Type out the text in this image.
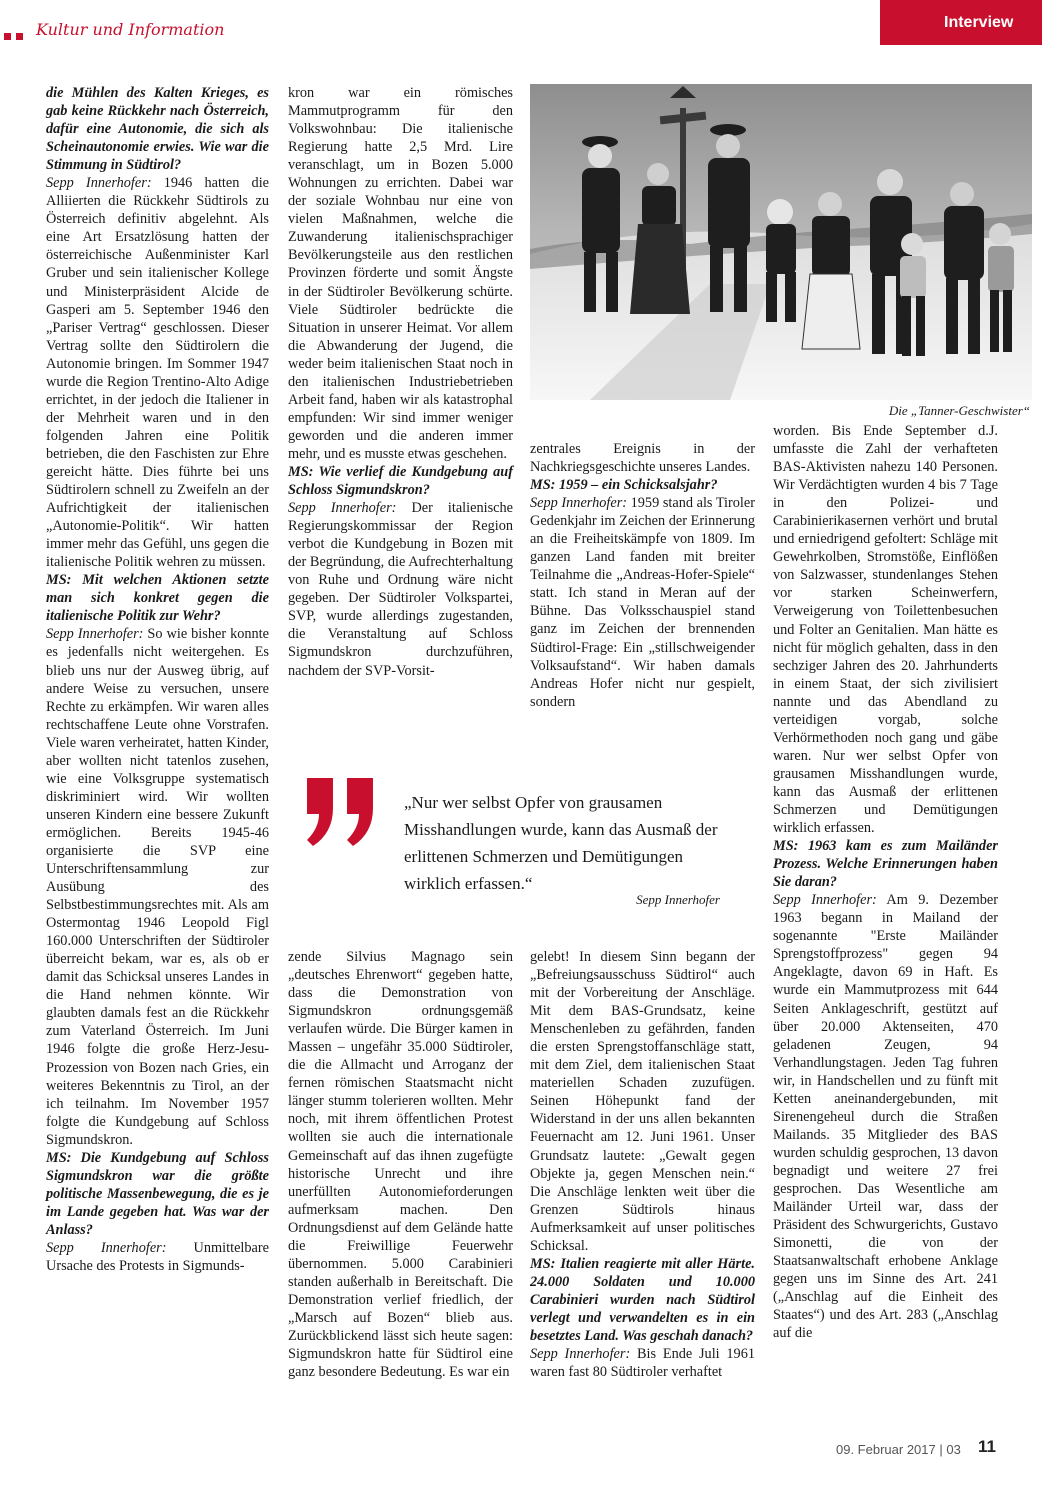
Kultur und Information	Interview

die Mühlen des Kalten Krieges, es gab keine Rückkehr nach Österreich, dafür eine Autonomie, die sich als Scheinautonomie erwies. Wie war die Stimmung in Südtirol?

Sepp Innerhofer: 1946 hatten die Alliierten die Rückkehr Südtirols zu Österreich definitiv abgelehnt. Als eine Art Ersatzlösung hatten der österreichische Außenminister Karl Gruber und sein italienischer Kollege und Ministerpräsident Alcide de Gasperi am 5. September 1946 den „Pariser Vertrag“ geschlossen. Dieser Vertrag sollte den Südtirolern die Autonomie bringen. Im Sommer 1947 wurde die Region Trentino-Alto Adige errichtet, in der jedoch die Italiener in der Mehrheit waren und in den folgenden Jahren eine Politik betrieben, die den Faschisten zur Ehre gereicht hätte. Dies führte bei uns Südtirolern schnell zu Zweifeln an der Aufrichtigkeit der italienischen „Autonomie-Politik“. Wir hatten immer mehr das Gefühl, uns gegen die italienische Politik wehren zu müssen.

MS: Mit welchen Aktionen setzte man sich konkret gegen die italienische Politik zur Wehr?

Sepp Innerhofer: So wie bisher konnte es jedenfalls nicht weitergehen. Es blieb uns nur der Ausweg übrig, auf andere Weise zu versuchen, unsere Rechte zu erkämpfen. Wir waren alles rechtschaffene Leute ohne Vorstrafen. Viele waren verheiratet, hatten Kinder, aber wollten nicht tatenlos zusehen, wie eine Volksgruppe systematisch diskriminiert wird. Wir wollten unseren Kindern eine bessere Zukunft ermöglichen. Bereits 1945-46 organisierte die SVP eine Unterschriftensammlung zur Ausübung des Selbstbestimmungsrechtes mit. Als am Ostermontag 1946 Leopold Figl 160.000 Unterschriften der Südtiroler überreicht bekam, war es, als ob er damit das Schicksal unseres Landes in die Hand nehmen könnte. Wir glaubten damals fest an die Rückkehr zum Vaterland Österreich. Im Juni 1946 folgte die große Herz-Jesu-Prozession von Bozen nach Gries, ein weiteres Bekenntnis zu Tirol, an der ich teilnahm. Im November 1957 folgte die Kundgebung auf Schloss Sigmundskron.

MS: Die Kundgebung auf Schloss Sigmundskron war die größte politische Massenbewegung, die es je im Lande gegeben hat. Was war der Anlass?

Sepp Innerhofer: Unmittelbare Ursache des Protests in Sigmunds-

kron war ein römisches Mammutprogramm für den Volkswohnbau: Die italienische Regierung hatte 2,5 Mrd. Lire veranschlagt, um in Bozen 5.000 Wohnungen zu errichten. Dabei war der soziale Wohnbau nur eine von vielen Maßnahmen, welche die Zuwanderung italienischsprachiger Bevölkerungsteile aus den restlichen Provinzen förderte und somit Ängste in der Südtiroler Bevölkerung schürte. Viele Südtiroler bedrückte die Situation in unserer Heimat. Vor allem die Abwanderung der Jugend, die weder beim italienischen Staat noch in den italienischen Industriebetrieben Arbeit fand, haben wir als katastrophal empfunden: Wir sind immer weniger geworden und die anderen immer mehr, und es musste etwas geschehen.

MS: Wie verlief die Kundgebung auf Schloss Sigmundskron?

Sepp Innerhofer: Der italienische Regierungskommissar der Region verbot die Kundgebung in Bozen mit der Begründung, die Aufrechterhaltung von Ruhe und Ordnung wäre nicht gegeben. Der Südtiroler Volkspartei, SVP, wurde allerdings zugestanden, die Veranstaltung auf Schloss Sigmundskron durchzuführen, nachdem der SVP-Vorsit-

zentrales Ereignis in der Nachkriegsgeschichte unseres Landes.

MS: 1959 – ein Schicksalsjahr?

Sepp Innerhofer: 1959 stand als Tiroler Gedenkjahr im Zeichen der Erinnerung an die Freiheitskämpfe von 1809. Im ganzen Land fanden mit breiter Teilnahme die „Andreas-Hofer-Spiele“ statt. Ich stand in Meran auf der Bühne. Das Volksschauspiel stand ganz im Zeichen der brennenden Südtirol-Frage: Ein „stillschweigender Volksaufstand“. Wir haben damals Andreas Hofer nicht nur gespielt, sondern

worden. Bis Ende September d.J. umfasste die Zahl der verhafteten BAS-Aktivisten nahezu 140 Personen. Wir Verdächtigten wurden 4 bis 7 Tage in den Polizei- und Carabinierikasernen verhört und brutal und erniedrigend gefoltert: Schläge mit Gewehrkolben, Stromstöße, Einflößen von Salzwasser, stundenlanges Stehen vor starken Scheinwerfern, Verweigerung von Toilettenbesuchen und Folter an Genitalien. Man hätte es nicht für möglich gehalten, dass in den sechziger Jahren des 20. Jahrhunderts in einem Staat, der sich zivilisiert nannte und das Abendland zu verteidigen vorgab, solche Verhörmethoden noch gang und gäbe waren. Nur wer selbst Opfer von grausamen Misshandlungen wurde, kann das Ausmaß der erlittenen Schmerzen und Demütigungen wirklich erfassen.

MS: 1963 kam es zum Mailänder Prozess. Welche Erinnerungen haben Sie daran?

Sepp Innerhofer: Am 9. Dezember 1963 begann in Mailand der sogenannte "Erste Mailänder Sprengstoffprozess" gegen 94 Angeklagte, davon 69 in Haft. Es wurde ein Mammutprozess mit 644 Seiten Anklageschrift, gestützt auf über 20.000 Aktenseiten, 470 geladenen Zeugen, 94 Verhandlungstagen. Jeden Tag fuhren wir, in Handschellen und zu fünft mit Ketten aneinandergebunden, mit Sirenengeheul durch die Straßen Mailands. 35 Mitglieder des BAS wurden schuldig gesprochen, 13 davon begnadigt und weitere 27 frei gesprochen. Das Wesentliche am Mailänder Urteil war, dass der Präsident des Schwurgerichts, Gustavo Simonetti, die von der Staatsanwaltschaft erhobene Anklage gegen uns im Sinne des Art. 241 („Anschlag auf die Einheit des Staates“) und des Art. 283 („Anschlag auf die

zende Silvius Magnago sein „deutsches Ehrenwort“ gegeben hatte, dass die Demonstration von Sigmundskron ordnungsgemäß verlaufen würde. Die Bürger kamen in Massen – ungefähr 35.000 Südtiroler, die die Allmacht und Arroganz der fernen römischen Staatsmacht nicht länger stumm tolerieren wollten. Mehr noch, mit ihrem öffentlichen Protest wollten sie auch die internationale Gemeinschaft auf das ihnen zugefügte historische Unrecht und ihre unerfüllten Autonomieforderungen aufmerksam machen. Den Ordnungsdienst auf dem Gelände hatte die Freiwillige Feuerwehr übernommen. 5.000 Carabinieri standen außerhalb in Bereitschaft. Die Demonstration verlief friedlich, der „Marsch auf Bozen“ blieb aus. Zurückblickend lässt sich heute sagen: Sigmundskron hatte für Südtirol eine ganz besondere Bedeutung. Es war ein

gelebt! In diesem Sinn begann der „Befreiungsausschuss Südtirol“ auch mit der Vorbereitung der Anschläge. Mit dem BAS-Grundsatz, keine Menschenleben zu gefährden, fanden die ersten Sprengstoffanschläge statt, mit dem Ziel, dem italienischen Staat materiellen Schaden zuzufügen. Seinen Höhepunkt fand der Widerstand in der uns allen bekannten Feuernacht am 12. Juni 1961. Unser Grundsatz lautete: „Gewalt gegen Objekte ja, gegen Menschen nein.“ Die Anschläge lenkten weit über die Grenzen Südtirols hinaus Aufmerksamkeit auf unser politisches Schicksal.

MS: Italien reagierte mit aller Härte. 24.000 Soldaten und 10.000 Carabinieri wurden nach Südtirol verlegt und verwandelten es in ein besetztes Land. Was geschah danach?

Sepp Innerhofer: Bis Ende Juli 1961 waren fast 80 Südtiroler verhaftet

Die „Tanner-Geschwister“
„Nur wer selbst Opfer von grausamen Misshandlungen wurde, kann das Ausmaß der erlittenen Schmerzen und Demütigungen wirklich erfassen.“
Sepp Innerhofer
09. Februar 2017 | 03 11
